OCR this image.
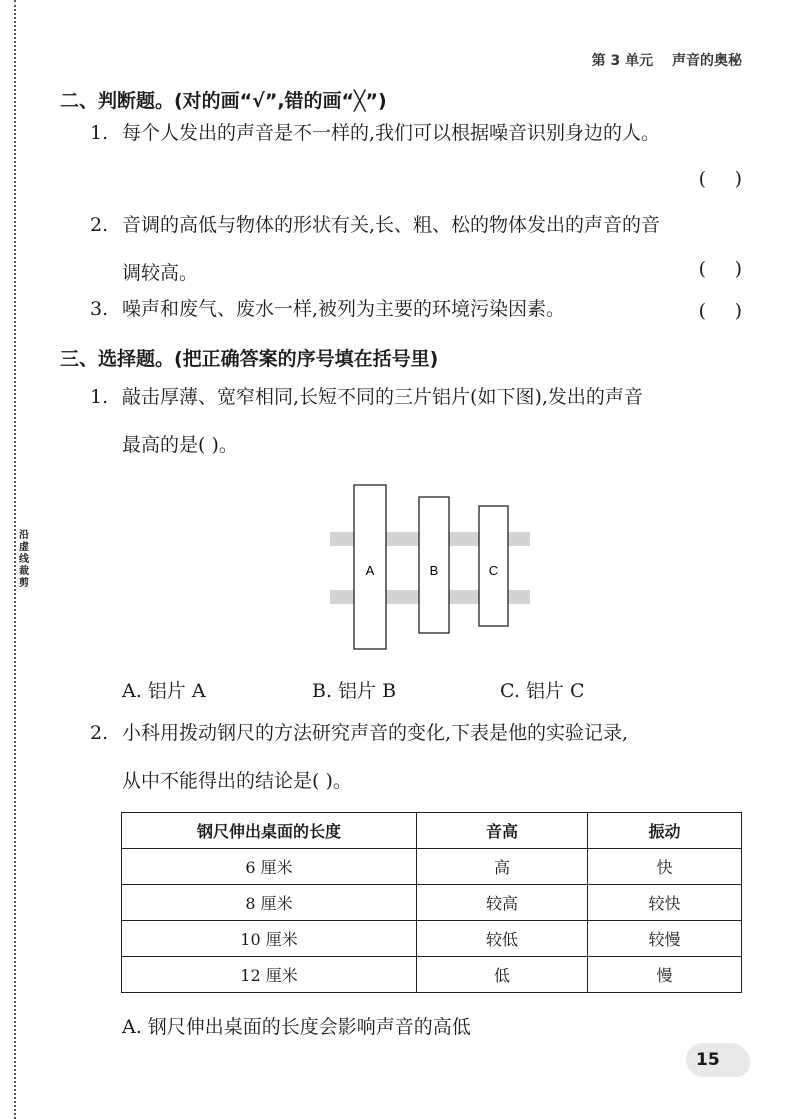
沿虚线裁剪
第 3 单元 声音的奥秘
二、判断题。(对的画“√”,错的画“╳”)
1. 每个人发出的声音是不一样的,我们可以根据噪音识别身边的人。
( )
2. 音调的高低与物体的形状有关,长、粗、松的物体发出的声音的音
调较高。	( )
3. 噪声和废气、废水一样,被列为主要的环境污染因素。	( )
三、选择题。(把正确答案的序号填在括号里)
1. 敲击厚薄、宽窄相同,长短不同的三片铝片(如下图),发出的声音
最高的是( )。
A	B	C
A. 铝片 A	B. 铝片 B	C. 铝片 C
2. 小科用拨动钢尺的方法研究声音的变化,下表是他的实验记录,
从中不能得出的结论是( )。
钢尺伸出桌面的长度	音高	振动
6 厘米	高	快
8 厘米	较高	较快
10 厘米	较低	较慢
12 厘米	低	慢
A. 钢尺伸出桌面的长度会影响声音的高低
15
